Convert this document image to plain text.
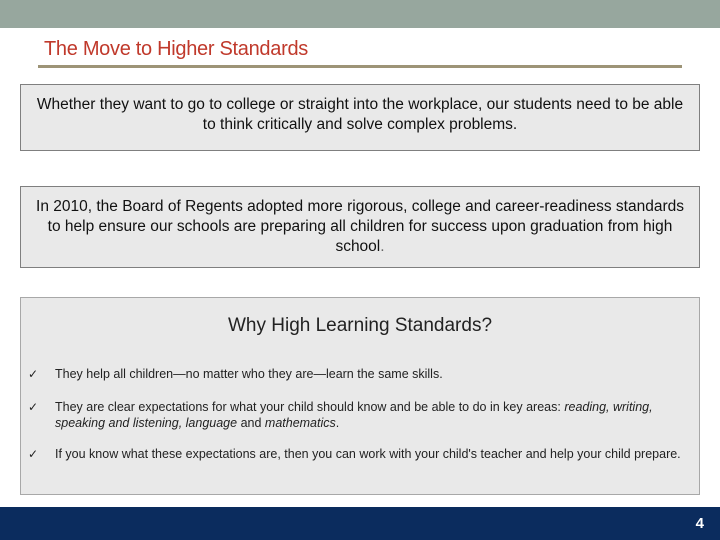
The Move to Higher Standards
Whether they want to go to college or straight into the workplace, our students need to be able to think critically and solve complex problems.
In 2010, the Board of Regents adopted more rigorous, college and career-readiness standards to help ensure our schools are preparing all children for success upon graduation from high school.
Why High Learning Standards?
✓ They help all children—no matter who they are—learn the same skills.
✓ They are clear expectations for what your child should know and be able to do in key areas: reading, writing, speaking and listening, language and mathematics.
✓ If you know what these expectations are, then you can work with your child's teacher and help your child prepare.
4
